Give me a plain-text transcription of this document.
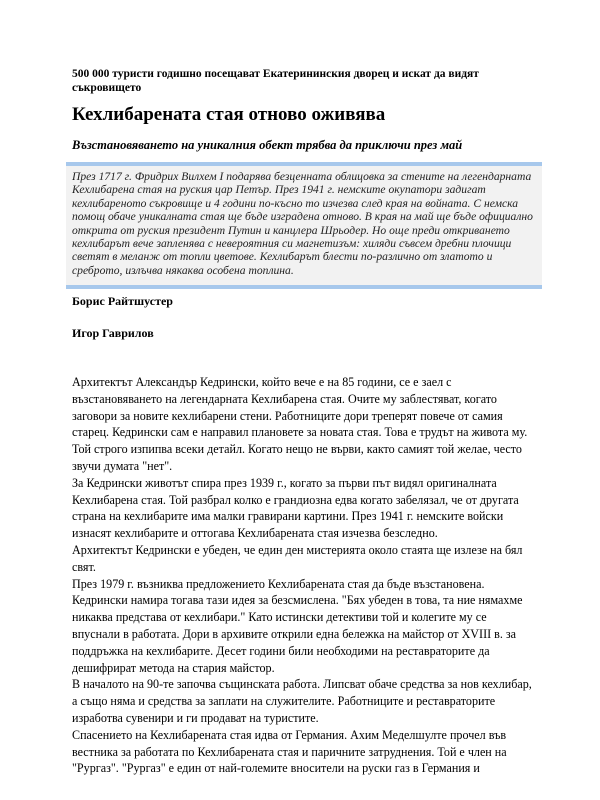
500 000 туристи годишно посещават Екатерининския дворец и искат да видят съкровището
Кехлибарената стая отново оживява
Възстановяването на уникалния обект трябва да приключи през май

През 1717 г. Фридрих Вилхем I подарява безценната облицовка за стените на легендарната Кехлибарена стая на руския цар Петър. През 1941 г. немските окупатори задигат кехлибареното съкровище и 4 години по-късно то изчезва след края на войната. С немска помощ обаче уникалната стая ще бъде изградена отново. В края на май ще бъде официално открита от руския президент Путин и канцлера Шрьодер. Но още преди откриването кехлибарът вече запленява с невероятния си магнетизъм: хиляди съвсем дребни плочици светят в меланж от топли цветове. Кехлибарът блести по-различно от златото и среброто, излъчва някаква особена топлина.

Борис Райтшустер

Игор Гаврилов

Архитектът Александър Кедрински, който вече е на 85 години, се е заел с възстановяването на легендарната Кехлибарена стая. Очите му заблестяват, когато заговори за новите кехлибарени стени. Работниците дори треперят повече от самия старец. Кедрински сам е направил плановете за новата стая. Това е трудът на живота му. Той строго изпипва всеки детайл. Когато нещо не върви, както самият той желае, често звучи думата "нет".

За Кедрински животът спира през 1939 г., когато за първи път видял оригиналната Кехлибарена стая. Той разбрал колко е грандиозна едва когато забелязал, че от другата страна на кехлибарите има малки гравирани картини. През 1941 г. немските войски изнасят кехлибарите и оттогава Кехлибарената стая изчезва безследно.

Архитектът Кедрински е убеден, че един ден мистерията около стаята ще излезе на бял свят.

През 1979 г. възниква предложението Кехлибарената стая да бъде възстановена. Кедрински намира тогава тази идея за безсмислена. "Бях убеден в това, та ние нямахме никаква представа от кехлибари." Като истински детективи той и колегите му се впуснали в работата. Дори в архивите открили една бележка на майстор от XVIII в. за поддръжка на кехлибарите. Десет години били необходими на реставраторите да дешифрират метода на стария майстор.

В началото на 90-те започва същинската работа. Липсват обаче средства за нов кехлибар, а също няма и средства за заплати на служителите. Работниците и реставраторите изработва сувенири и ги продават на туристите.

Спасението на Кехлибарената стая идва от Германия. Ахим Меделшулте прочел във вестника за работата по Кехлибарената стая и паричните затруднения. Той е член на "Рургаз". "Рургаз" е един от най-големите вносители на руски газ в Германия и
